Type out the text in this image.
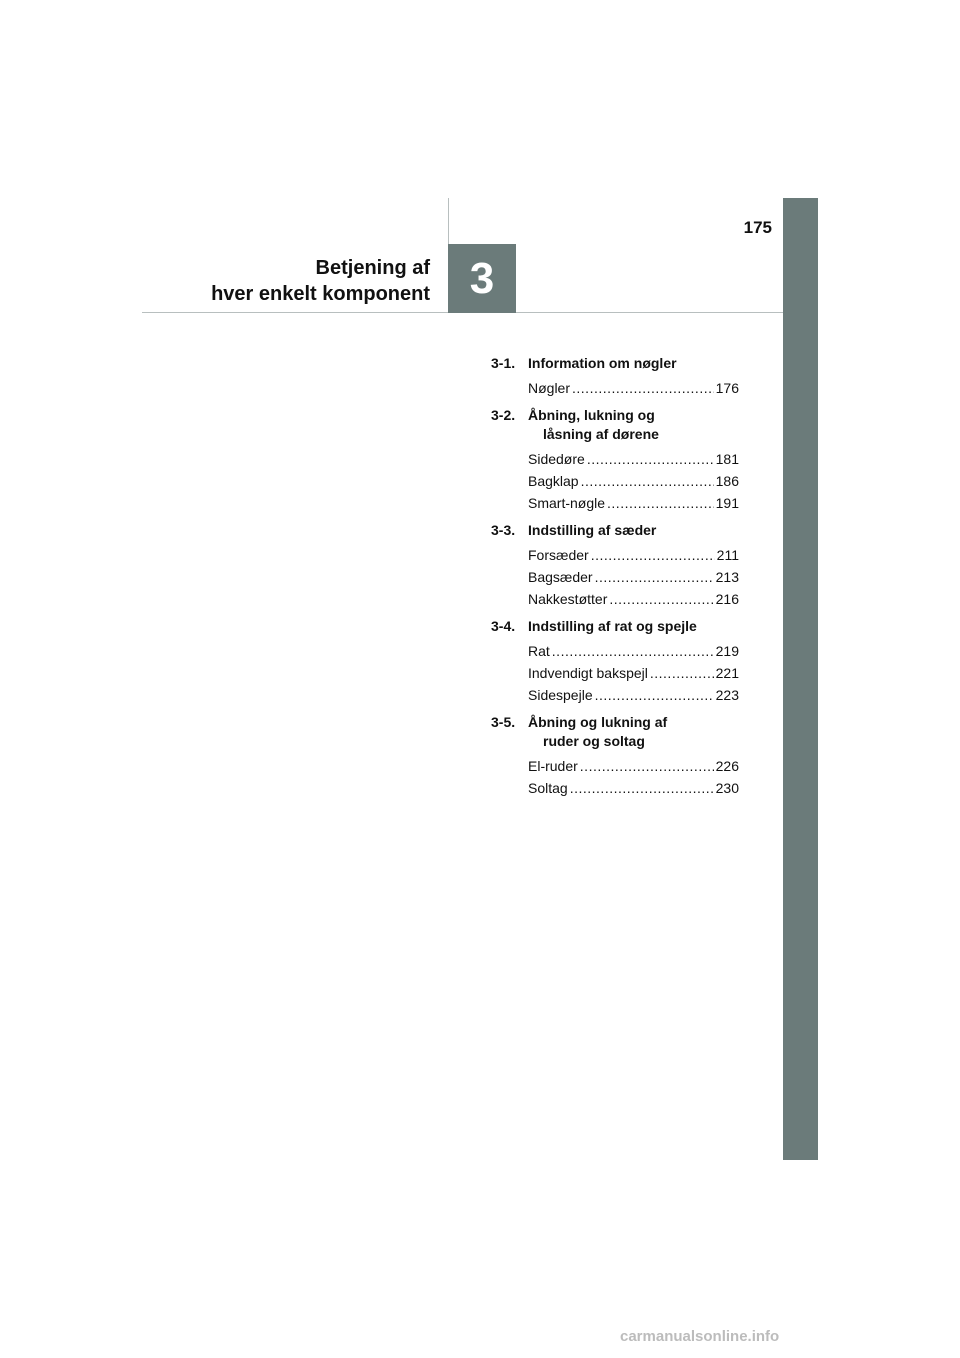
3
175
Betjening af
hver enkelt komponent
3-1. Information om nøgler
Nøgler .....	176
3-2. Åbning, lukning og
låsning af dørene
Sidedøre .....	181
Bagklap .....	186
Smart-nøgle .....	191
3-3. Indstilling af sæder
Forsæder .....	211
Bagsæder .....	213
Nakkestøtter .....	216
3-4. Indstilling af rat og spejle
Rat .....	219
Indvendigt bakspejl .....	221
Sidespejle .....	223
3-5. Åbning og lukning af
ruder og soltag
El-ruder .....	226
Soltag .....	230
carmanualsonline.info
